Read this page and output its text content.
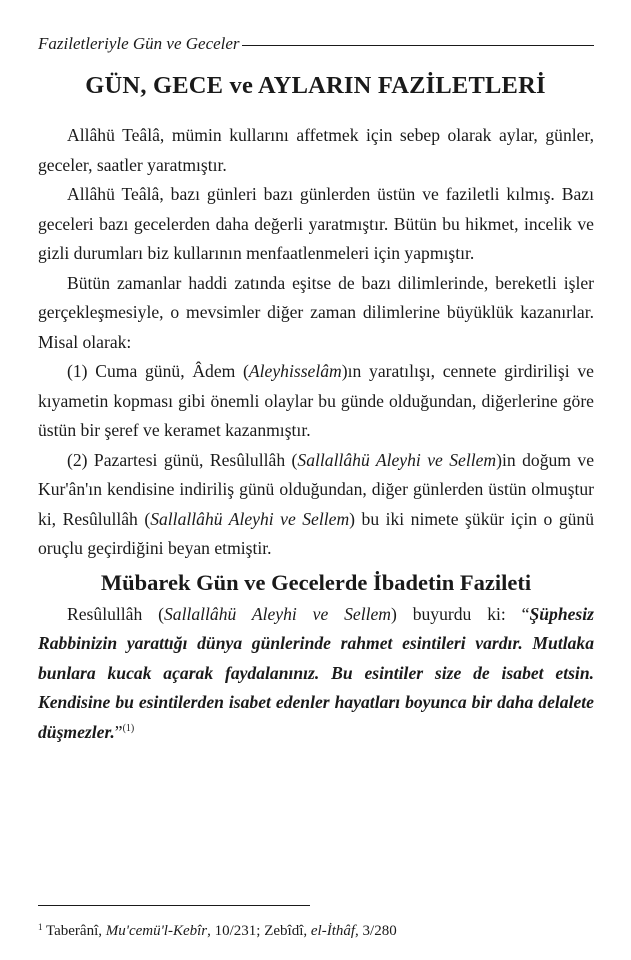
Faziletleriyle Gün ve Geceler
GÜN, GECE ve AYLARIN FAZİLETLERİ

Allâhü Teâlâ, mümin kullarını affetmek için sebep olarak aylar, günler, geceler, saatler yaratmıştır.

Allâhü Teâlâ, bazı günleri bazı günlerden üstün ve faziletli kılmış. Bazı geceleri bazı gecelerden daha değerli yaratmıştır. Bütün bu hikmet, incelik ve gizli durumları biz kullarının menfaatlenmeleri için yapmıştır.

Bütün zamanlar haddi zatında eşitse de bazı dilimlerinde, bereketli işler gerçekleşmesiyle, o mevsimler diğer zaman dilimlerine büyüklük kazanırlar. Misal olarak:

(1) Cuma günü, Âdem (Aleyhisselâm)ın yaratılışı, cennete girdirilişi ve kıyametin kopması gibi önemli olaylar bu günde olduğundan, diğerlerine göre üstün bir şeref ve keramet kazanmıştır.

(2) Pazartesi günü, Resûlullâh (Sallallâhü Aleyhi ve Sellem)in doğum ve Kur'ân'ın kendisine indiriliş günü olduğundan, diğer günlerden üstün olmuştur ki, Resûlullâh (Sallallâhü Aleyhi ve Sellem) bu iki nimete şükür için o günü oruçlu geçirdiğini beyan etmiştir.

Mübarek Gün ve Gecelerde İbadetin Fazileti

Resûlullâh (Sallallâhü Aleyhi ve Sellem) buyurdu ki: “Şüphesiz Rabbinizin yarattığı dünya günlerinde rahmet esintileri vardır. Mutlaka bunlara kucak açarak faydalanınız. Bu esintiler size de isabet etsin. Kendisine bu esintilerden isabet edenler hayatları boyunca bir daha delalete düşmezler.”$^{(1)}$

$^1$ Taberânî, Mu'cemü'l-Kebîr, 10/231; Zebîdî, el-İthâf, 3/280
